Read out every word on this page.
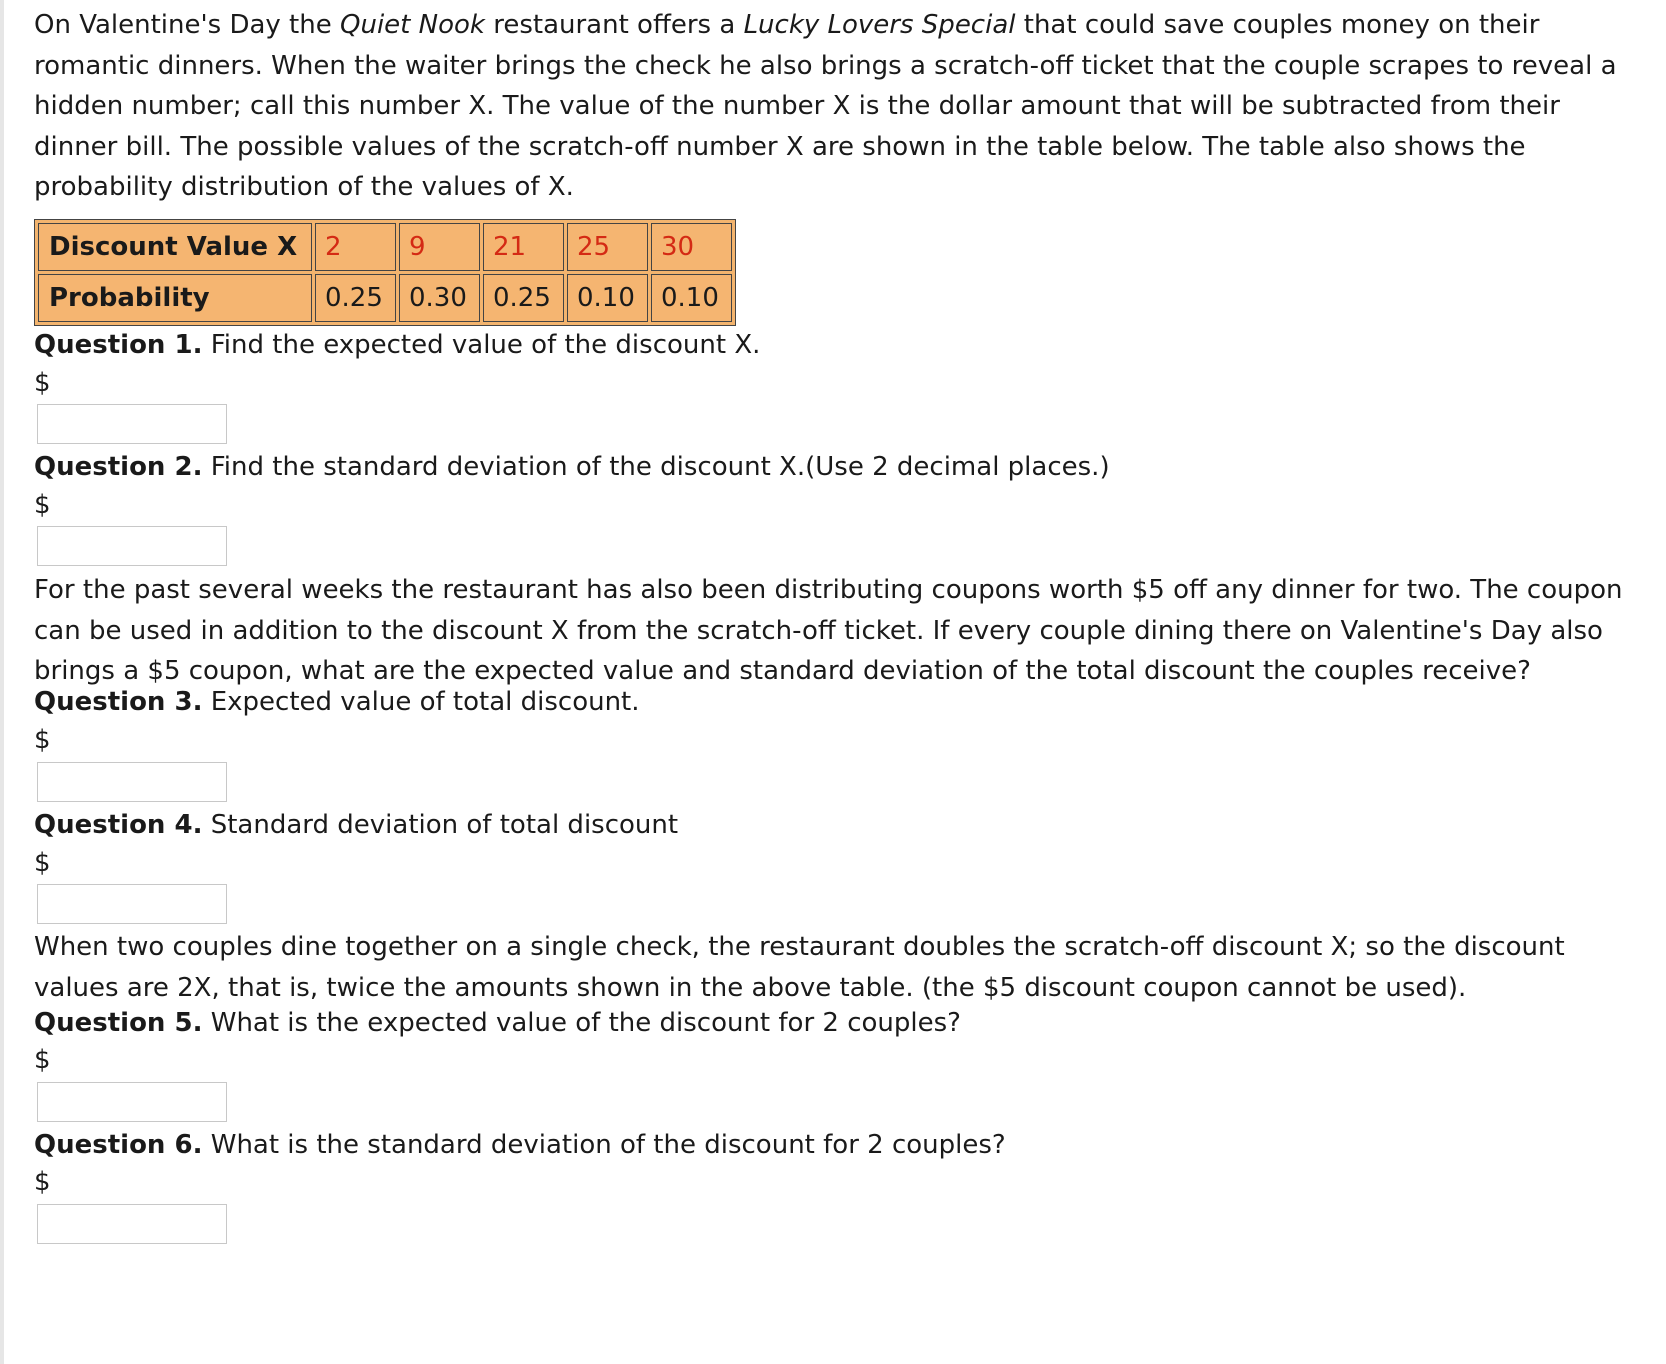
On Valentine's Day the Quiet Nook restaurant offers a Lucky Lovers Special that could save couples money on their romantic dinners. When the waiter brings the check he also brings a scratch-off ticket that the couple scrapes to reveal a hidden number; call this number X. The value of the number X is the dollar amount that will be subtracted from their dinner bill. The possible values of the scratch-off number X are shown in the table below. The table also shows the probability distribution of the values of X.

Discount Value X	2	9	21	25	30
Probability	0.25	0.30	0.25	0.10	0.10

Question 1. Find the expected value of the discount X.

$

Question 2. Find the standard deviation of the discount X.(Use 2 decimal places.)

$

For the past several weeks the restaurant has also been distributing coupons worth $5 off any dinner for two. The coupon can be used in addition to the discount X from the scratch-off ticket. If every couple dining there on Valentine's Day also brings a $5 coupon, what are the expected value and standard deviation of the total discount the couples receive?

Question 3. Expected value of total discount.

$

Question 4. Standard deviation of total discount

$

When two couples dine together on a single check, the restaurant doubles the scratch-off discount X; so the discount values are 2X, that is, twice the amounts shown in the above table. (the $5 discount coupon cannot be used).

Question 5. What is the expected value of the discount for 2 couples?

$

Question 6. What is the standard deviation of the discount for 2 couples?

$
